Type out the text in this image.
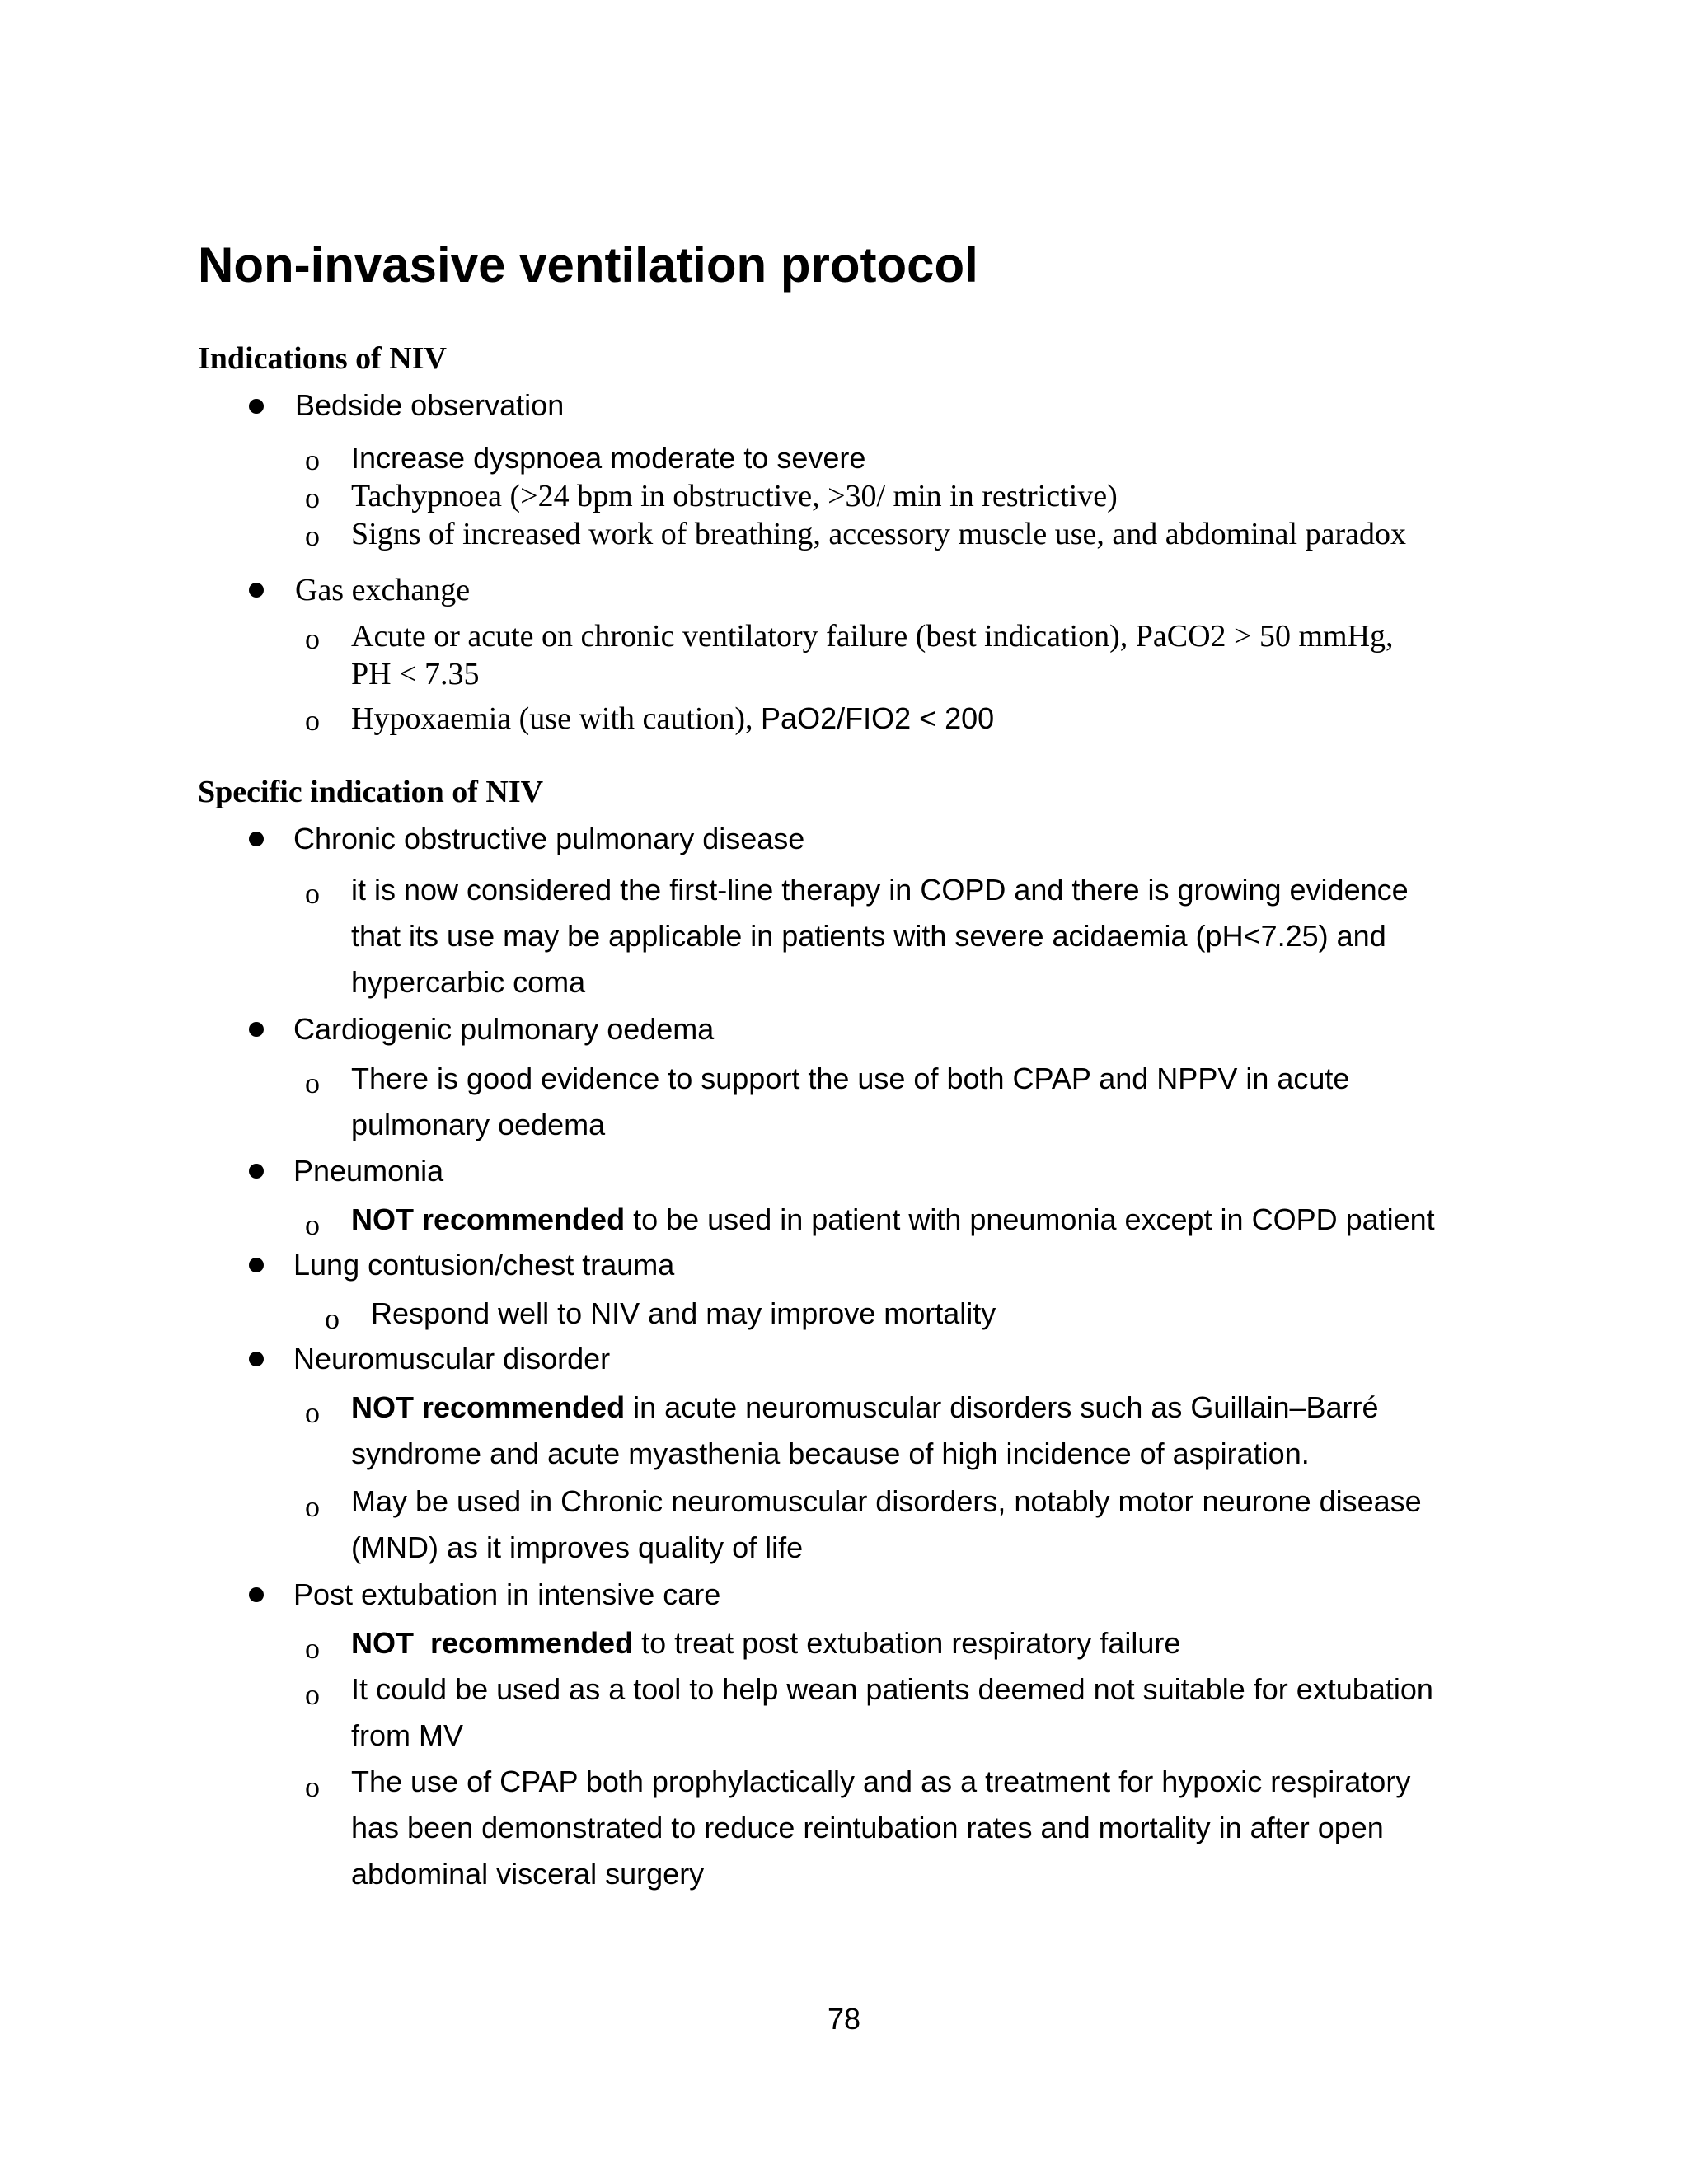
Non-invasive ventilation protocol
Indications of NIV
Bedside observation
o Increase dyspnoea moderate to severe
o Tachypnoea (>24 bpm in obstructive, >30/ min in restrictive)
o Signs of increased work of breathing, accessory muscle use, and abdominal paradox
Gas exchange
o Acute or acute on chronic ventilatory failure (best indication), PaCO2 > 50 mmHg,
PH < 7.35
o Hypoxaemia (use with caution), PaO2/FIO2 < 200
Specific indication of NIV
Chronic obstructive pulmonary disease
o it is now considered the first-line therapy in COPD and there is growing evidence
that its use may be applicable in patients with severe acidaemia (pH<7.25) and
hypercarbic coma
Cardiogenic pulmonary oedema
o There is good evidence to support the use of both CPAP and NPPV in acute
pulmonary oedema
Pneumonia
o NOT recommended to be used in patient with pneumonia except in COPD patient
Lung contusion/chest trauma
o Respond well to NIV and may improve mortality
Neuromuscular disorder
o NOT recommended in acute neuromuscular disorders such as Guillain–Barré
syndrome and acute myasthenia because of high incidence of aspiration.
o May be used in Chronic neuromuscular disorders, notably motor neurone disease
(MND) as it improves quality of life
Post extubation in intensive care
o NOT  recommended to treat post extubation respiratory failure
o It could be used as a tool to help wean patients deemed not suitable for extubation
from MV
o The use of CPAP both prophylactically and as a treatment for hypoxic respiratory
has been demonstrated to reduce reintubation rates and mortality in after open
abdominal visceral surgery
78
